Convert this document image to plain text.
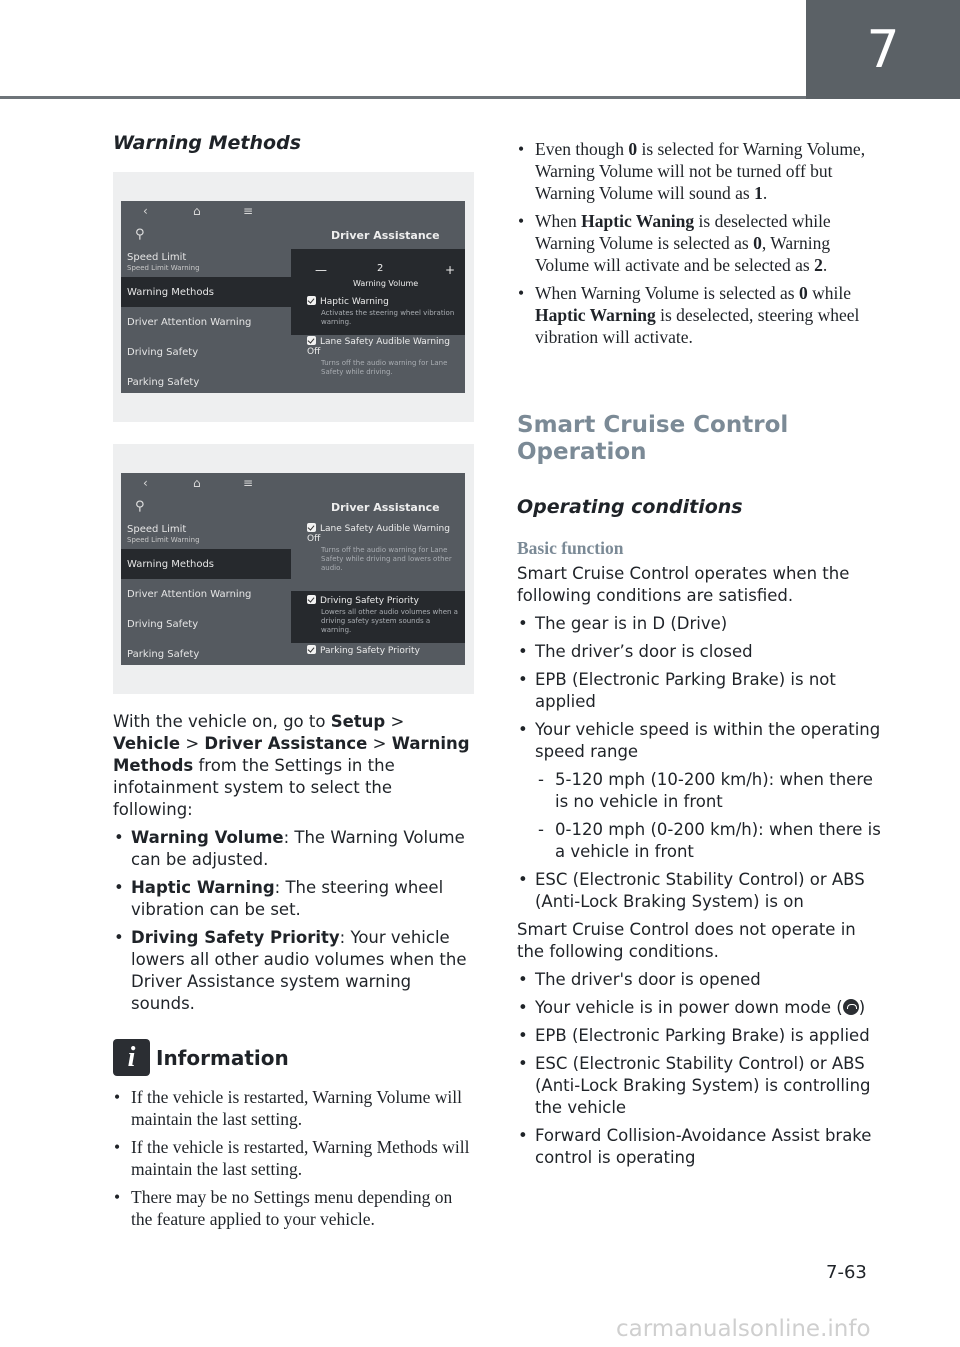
7
Warning Methods
‹	⌂	≡
⚲
Speed Limit
Speed Limit Warning
Warning Methods
Driver Attention Warning
Driving Safety
Parking Safety
Driver Assistance
—	2	+
Warning Volume
Haptic Warning
Activates the steering wheel vibration warning.
Lane Safety Audible Warning Off
Turns off the audio warning for Lane Safety while driving.
‹	⌂	≡
⚲
Speed Limit
Speed Limit Warning
Warning Methods
Driver Attention Warning
Driving Safety
Parking Safety
Driver Assistance
Lane Safety Audible Warning Off
Turns off the audio warning for Lane Safety while driving and lowers other audio.
Driving Safety Priority
Lowers all other audio volumes when a driving safety system sounds a warning.
Parking Safety Priority

With the vehicle on, go to Setup > Vehicle > Driver Assistance > Warning Methods from the Settings in the infotainment system to select the following:

• Warning Volume: The Warning Volume can be adjusted.
• Haptic Warning: The steering wheel vibration can be set.
• Driving Safety Priority: Your vehicle lowers all other audio volumes when the Driver Assistance system warning sounds.
i	Information
• If the vehicle is restarted, Warning Volume will maintain the last setting.
• If the vehicle is restarted, Warning Methods will maintain the last setting.
• There may be no Settings menu depending on the feature applied to your vehicle.
• Even though 0 is selected for Warning Volume, Warning Volume will not be turned off but Warning Volume will sound as 1.
• When Haptic Waning is deselected while Warning Volume is selected as 0, Warning Volume will activate and be selected as 2.
• When Warning Volume is selected as 0 while Haptic Warning is deselected, steering wheel vibration will activate.
Smart Cruise Control Operation
Operating conditions
Basic function

Smart Cruise Control operates when the following conditions are satisfied.

• The gear is in D (Drive)
• The driver’s door is closed
• EPB (Electronic Parking Brake) is not applied
• Your vehicle speed is within the operating speed range
- 5-120 mph (10-200 km/h): when there is no vehicle in front
- 0-120 mph (0-200 km/h): when there is a vehicle in front
• ESC (Electronic Stability Control) or ABS (Anti-Lock Braking System) is on

Smart Cruise Control does not operate in the following conditions.

• The driver's door is opened
• Your vehicle is in power down mode ( )
• EPB (Electronic Parking Brake) is applied
• ESC (Electronic Stability Control) or ABS (Anti-Lock Braking System) is controlling the vehicle
• Forward Collision-Avoidance Assist brake control is operating
7-63
carmanualsonline.info
